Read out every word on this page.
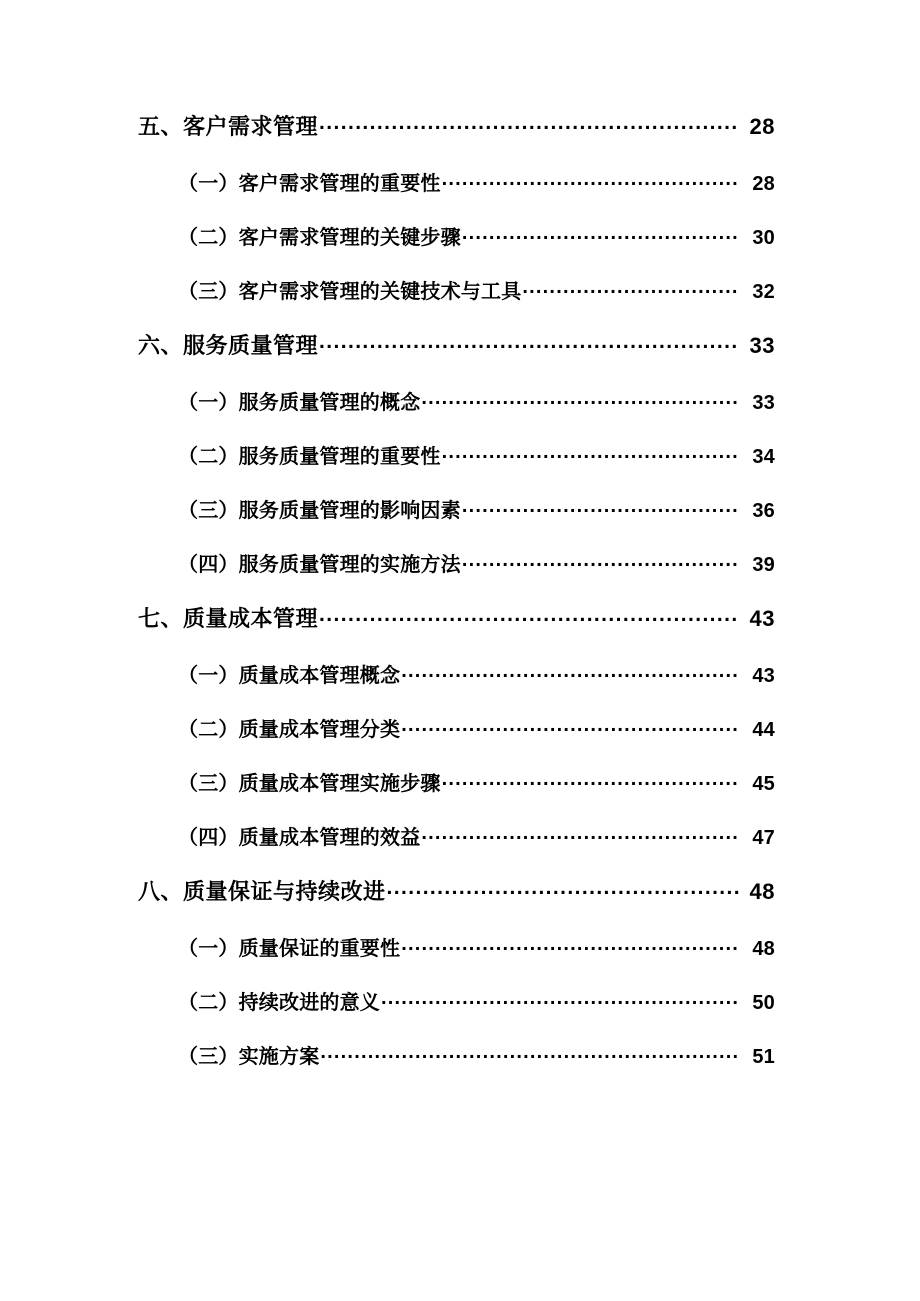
五、客户需求管理 .....	28
（一）客户需求管理的重要性 .....	28
（二）客户需求管理的关键步骤 .....	30
（三）客户需求管理的关键技术与工具 .....	32
六、服务质量管理 .....	33
（一）服务质量管理的概念 .....	33
（二）服务质量管理的重要性 .....	34
（三）服务质量管理的影响因素 .....	36
（四）服务质量管理的实施方法 .....	39
七、质量成本管理 .....	43
（一）质量成本管理概念 .....	43
（二）质量成本管理分类 .....	44
（三）质量成本管理实施步骤 .....	45
（四）质量成本管理的效益 .....	47
八、质量保证与持续改进 .....	48
（一）质量保证的重要性 .....	48
（二）持续改进的意义 .....	50
（三）实施方案 .....	51
